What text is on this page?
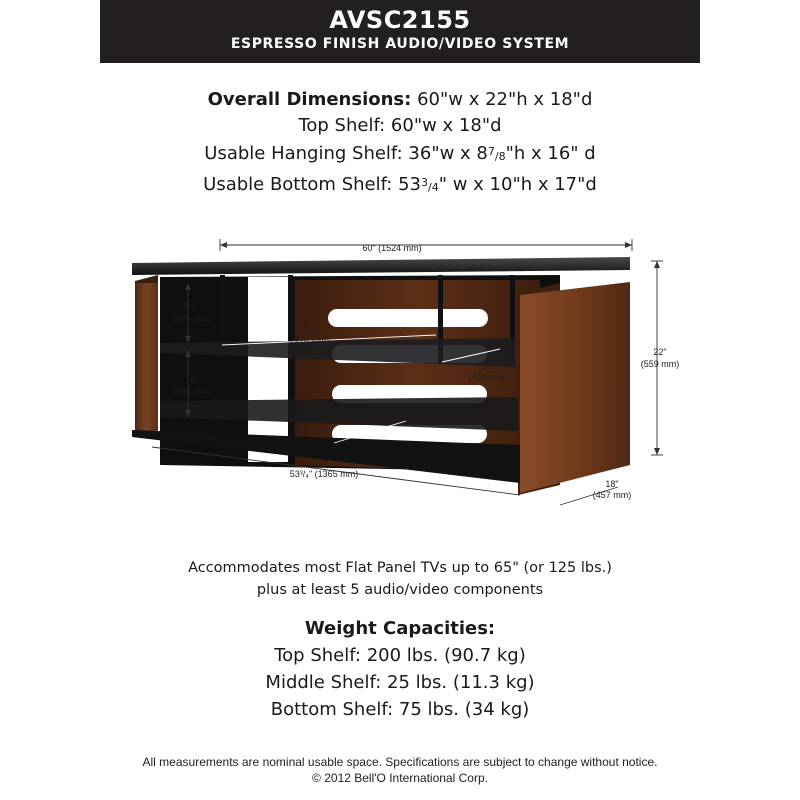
AVSC2155
ESPRESSO FINISH AUDIO/VIDEO SYSTEM
Overall Dimensions: 60"w x 22"h x 18"d
Top Shelf: 60"w x 18"d
Usable Hanging Shelf: 36"w x $8^7/8"h$ x 16" d
Usable Bottom Shelf: $53^3/4$" w x 10"h x 17"d
60" (1524 mm)
8⁷/₈"
(225 mm)
36"
(914 mm)
16"
(406 mm)
10"
(254 mm)
17"
(432 mm)
53³/₄" (1365 mm)
22"
(559 mm)
18"
(457 mm)
Accommodates most Flat Panel TVs up to 65" (or 125 lbs.)
plus at least 5 audio/video components
Weight Capacities:
Top Shelf: 200 lbs. (90.7 kg)
Middle Shelf: 25 lbs. (11.3 kg)
Bottom Shelf: 75 lbs. (34 kg)
All measurements are nominal usable space. Specifications are subject to change without notice.
© 2012 Bell'O International Corp.
